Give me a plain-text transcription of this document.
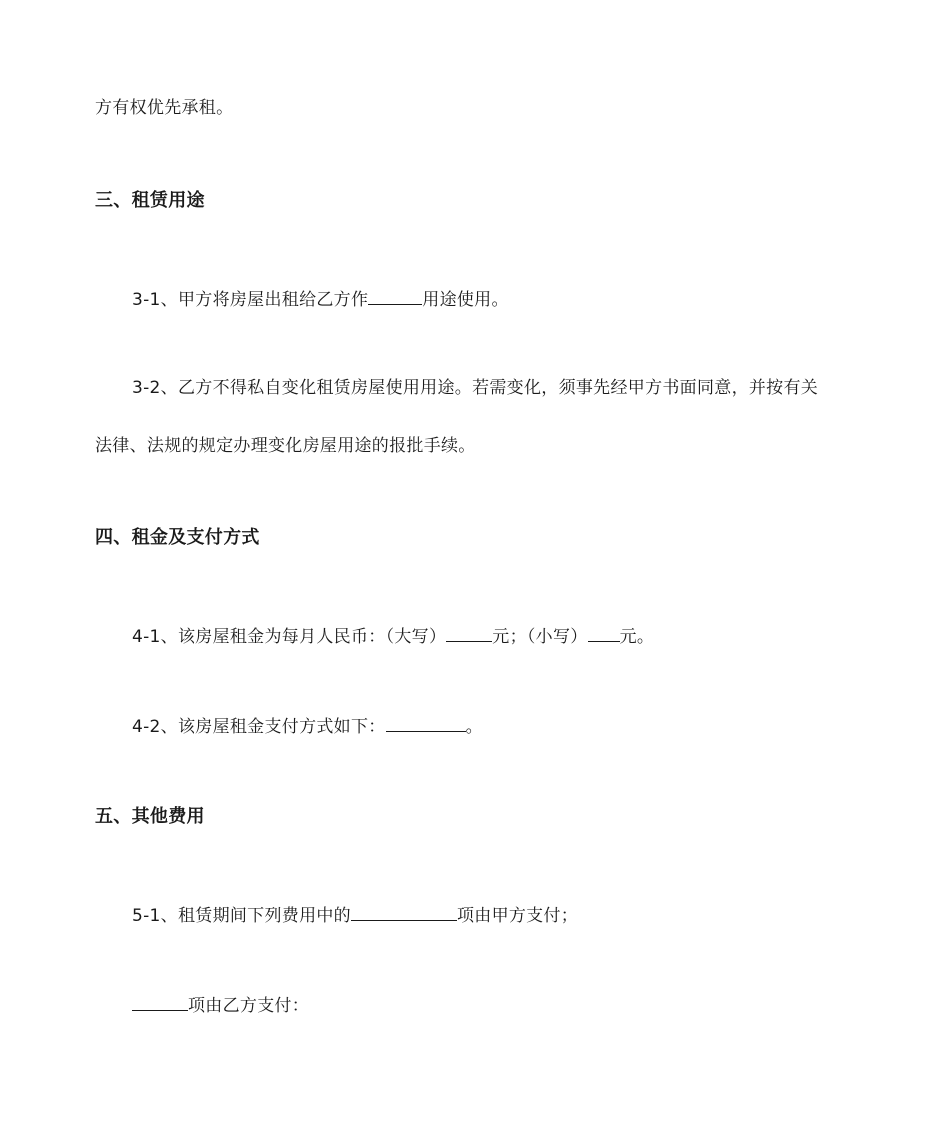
方有权优先承租。
三、租赁用途
3-1、甲方将房屋出租给乙方作	用途使用。
3-2、乙方不得私自变化租赁房屋使用用途。若需变化，须事先经甲方书面同意，并按有关
法律、法规的规定办理变化房屋用途的报批手续。
四、租金及支付方式
4-1、该房屋租金为每月人民币：（大写）	元；（小写） 元。
4-2、该房屋租金支付方式如下：	。
五、其他费用
5-1、租赁期间下列费用中的	项由甲方支付；
项由乙方支付：
